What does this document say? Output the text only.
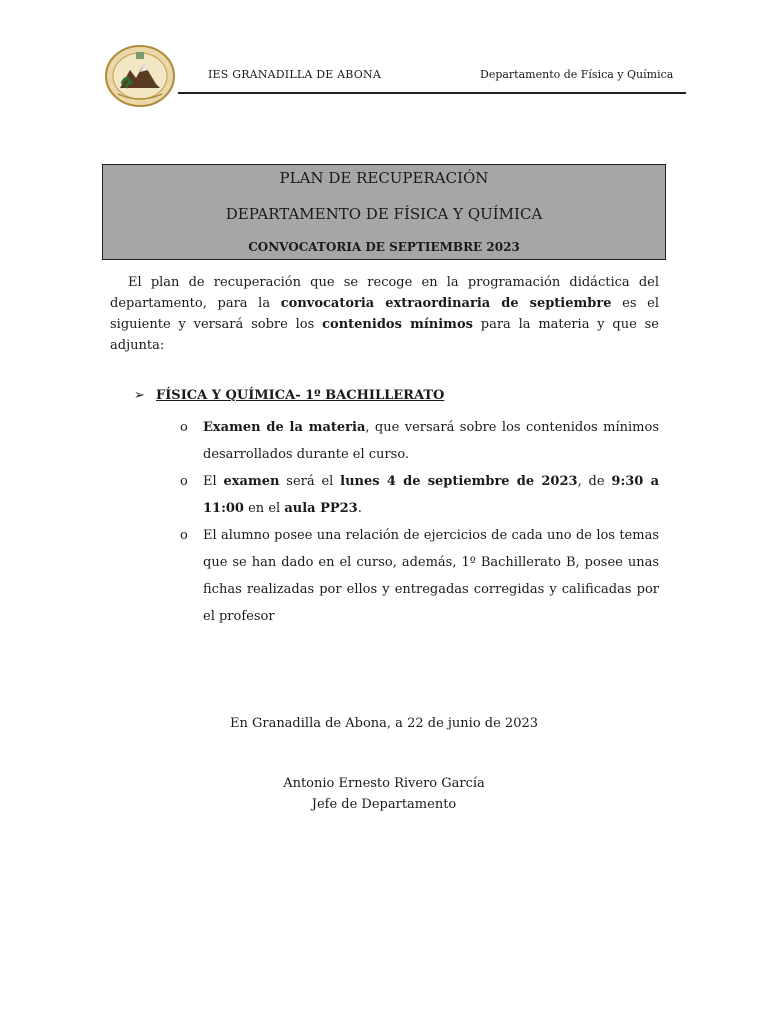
IES GRANADILLA DE ABONA	Departamento de Física y Química
PLAN DE RECUPERACIÓN
DEPARTAMENTO DE FÍSICA Y QUÍMICA
CONVOCATORIA DE SEPTIEMBRE 2023

El plan de recuperación que se recoge en la programación didáctica del departamento, para la convocatoria extraordinaria de septiembre es el siguiente y versará sobre los contenidos mínimos para la materia y que se adjunta:

➢ FÍSICA Y QUÍMICA- 1º BACHILLERATO
o Examen de la materia, que versará sobre los contenidos mínimos desarrollados durante el curso.
o El examen será el lunes 4 de septiembre de 2023, de 9:30 a 11:00 en el aula PP23.
o El alumno posee una relación de ejercicios de cada uno de los temas que se han dado en el curso, además, 1º Bachillerato B, posee unas fichas realizadas por ellos y entregadas corregidas y calificadas por el profesor
En Granadilla de Abona, a 22 de junio de 2023
Antonio Ernesto Rivero García
Jefe de Departamento
